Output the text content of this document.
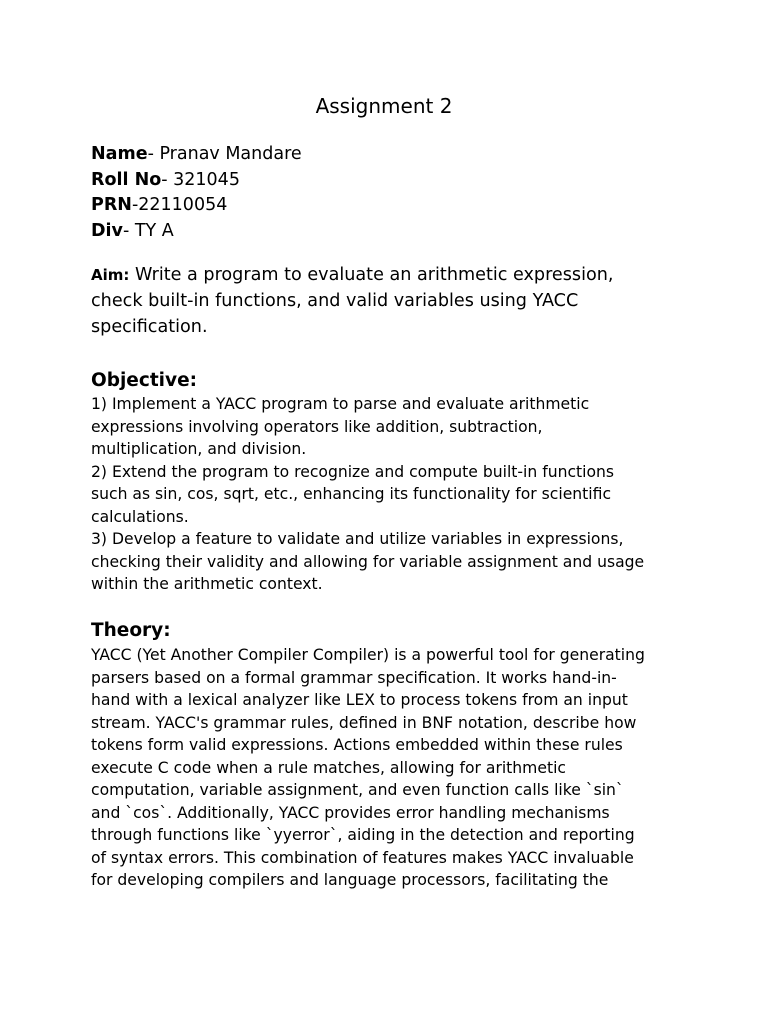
Assignment 2
Name- Pranav Mandare
Roll No- 321045
PRN-22110054
Div- TY A
Aim: Write a program to evaluate an arithmetic expression,
check built-in functions, and valid variables using YACC
specification.
Objective:
1) Implement a YACC program to parse and evaluate arithmetic
expressions involving operators like addition, subtraction,
multiplication, and division.
2) Extend the program to recognize and compute built-in functions
such as sin, cos, sqrt, etc., enhancing its functionality for scientific
calculations.
3) Develop a feature to validate and utilize variables in expressions,
checking their validity and allowing for variable assignment and usage
within the arithmetic context.
Theory:
YACC (Yet Another Compiler Compiler) is a powerful tool for generating
parsers based on a formal grammar specification. It works hand-in-
hand with a lexical analyzer like LEX to process tokens from an input
stream. YACC's grammar rules, defined in BNF notation, describe how
tokens form valid expressions. Actions embedded within these rules
execute C code when a rule matches, allowing for arithmetic
computation, variable assignment, and even function calls like `sin`
and `cos`. Additionally, YACC provides error handling mechanisms
through functions like `yyerror`, aiding in the detection and reporting
of syntax errors. This combination of features makes YACC invaluable
for developing compilers and language processors, facilitating the
